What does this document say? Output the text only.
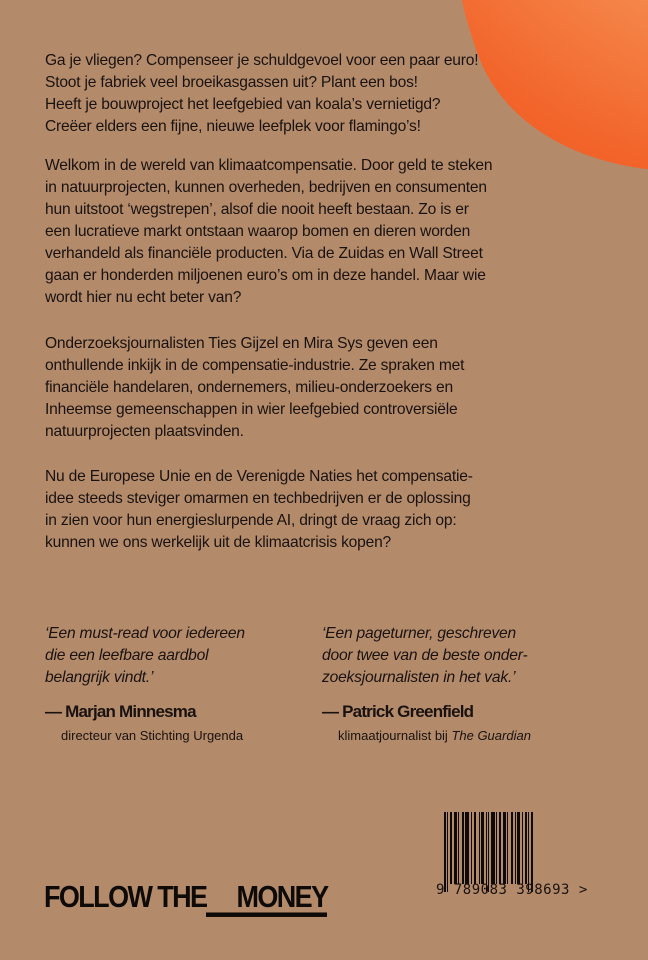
Ga je vliegen? Compenseer je schuldgevoel voor een paar euro!
Stoot je fabriek veel broeikasgassen uit? Plant een bos!
Heeft je bouwproject het leefgebied van koala’s vernietigd?
Creëer elders een fijne, nieuwe leefplek voor flamingo’s!
Welkom in de wereld van klimaatcompensatie. Door geld te steken
in natuurprojecten, kunnen overheden, bedrijven en consumenten
hun uitstoot ‘wegstrepen’, alsof die nooit heeft bestaan. Zo is er
een lucratieve markt ontstaan waarop bomen en dieren worden
verhandeld als financiële producten. Via de Zuidas en Wall Street
gaan er honderden miljoenen euro’s om in deze handel. Maar wie
wordt hier nu echt beter van?
Onderzoeksjournalisten Ties Gijzel en Mira Sys geven een
onthullende inkijk in de compensatie-industrie. Ze spraken met
financiële handelaren, ondernemers, milieu-onderzoekers en
Inheemse gemeenschappen in wier leefgebied controversiële
natuurprojecten plaatsvinden.
Nu de Europese Unie en de Verenigde Naties het compensatie-
idee steeds steviger omarmen en techbedrijven er de oplossing
in zien voor hun energieslurpende AI, dringt de vraag zich op:
kunnen we ons werkelijk uit de klimaatcrisis kopen?
‘Een must-read voor iedereen
die een leefbare aardbol
belangrijk vindt.’
— Marjan Minnesma
directeur van Stichting Urgenda
‘Een pageturner, geschreven
door twee van de beste onder-
zoeksjournalisten in het vak.’
— Patrick Greenfield
klimaatjournalist bij The Guardian
FOLLOW THE MONEY	9 789083 398693 >
